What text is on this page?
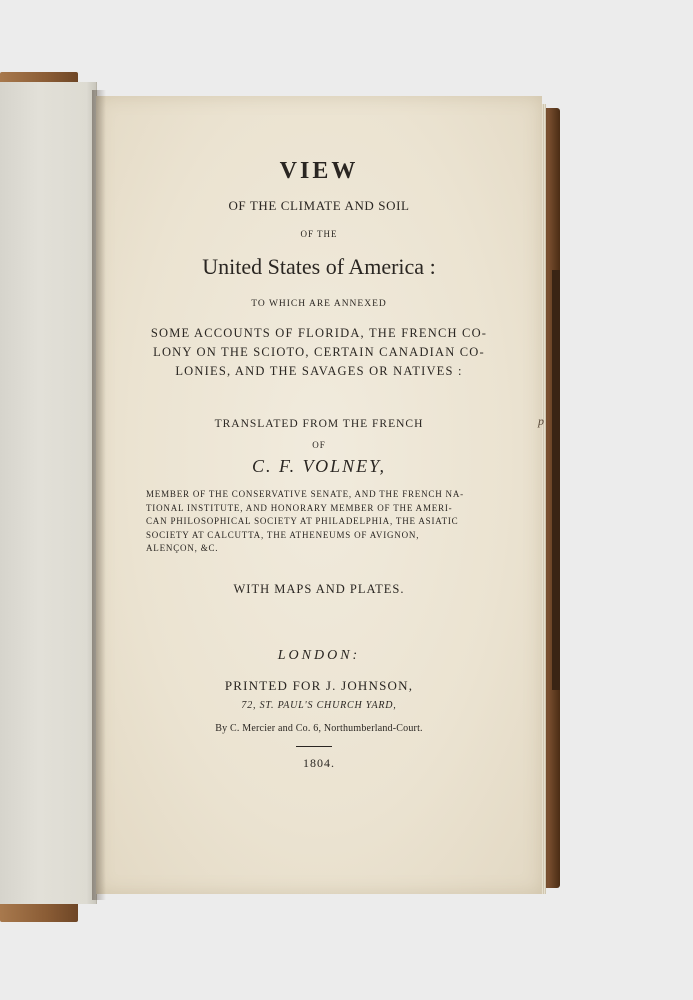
VIEW
OF THE CLIMATE AND SOIL
OF THE
United States of America :
TO WHICH ARE ANNEXED
SOME ACCOUNTS OF FLORIDA, THE FRENCH CO-
LONY ON THE SCIOTO, CERTAIN CANADIAN CO-
LONIES, AND THE SAVAGES OR NATIVES :
TRANSLATED FROM THE FRENCH
OF
C. F. VOLNEY,
MEMBER OF THE CONSERVATIVE SENATE, AND THE FRENCH NA-
TIONAL INSTITUTE, AND HONORARY MEMBER OF THE AMERI-
CAN PHILOSOPHICAL SOCIETY AT PHILADELPHIA, THE ASIATIC
SOCIETY AT CALCUTTA, THE ATHENEUMS OF AVIGNON,
ALENÇON, &C.
WITH MAPS AND PLATES.
LONDON:
PRINTED FOR J. JOHNSON,
72, ST. PAUL'S CHURCH YARD,
By C. Mercier and Co. 6, Northumberland-Court.
1804.
p
